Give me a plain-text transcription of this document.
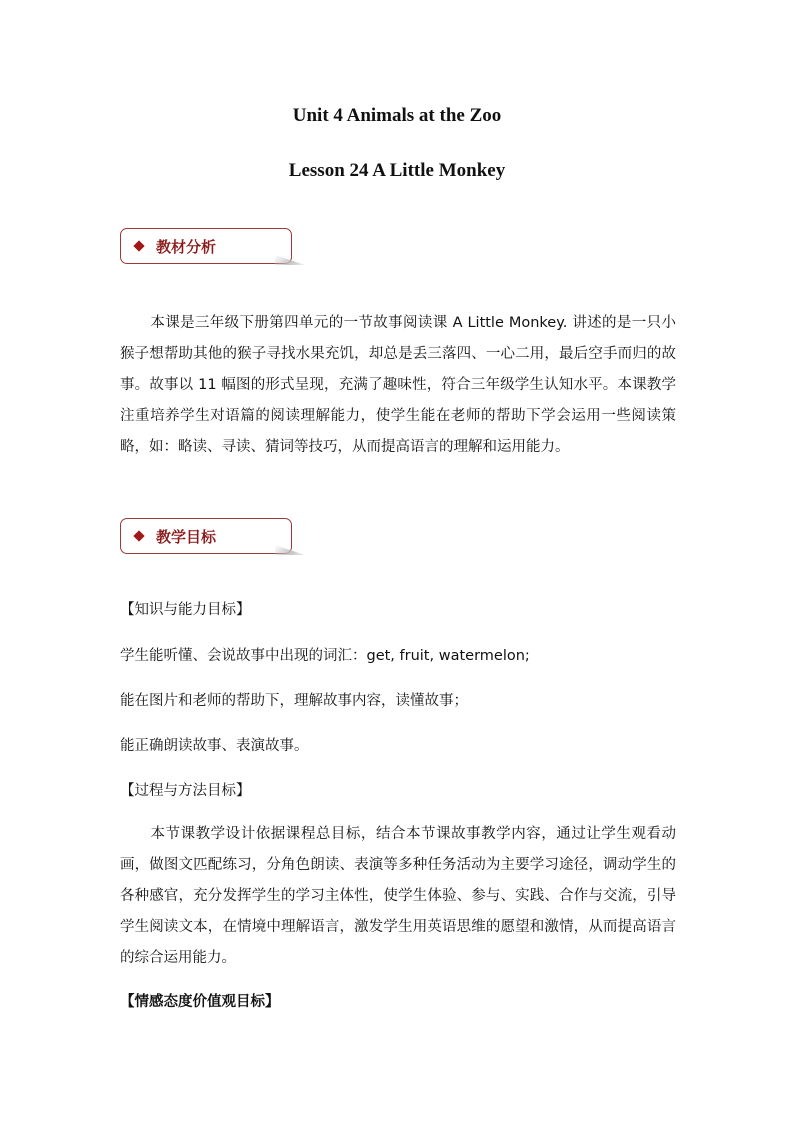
Unit 4 Animals at the Zoo
Lesson 24 A Little Monkey
教材分析
本课是三年级下册第四单元的一节故事阅读课 A Little Monkey. 讲述的是一只小猴子想帮助其他的猴子寻找水果充饥，却总是丢三落四、一心二用，最后空手而归的故事。故事以 11 幅图的形式呈现，充满了趣味性，符合三年级学生认知水平。本课教学注重培养学生对语篇的阅读理解能力，使学生能在老师的帮助下学会运用一些阅读策略，如：略读、寻读、猜词等技巧，从而提高语言的理解和运用能力。
教学目标
【知识与能力目标】
学生能听懂、会说故事中出现的词汇：get, fruit, watermelon;
能在图片和老师的帮助下，理解故事内容，读懂故事；
能正确朗读故事、表演故事。
【过程与方法目标】
本节课教学设计依据课程总目标，结合本节课故事教学内容，通过让学生观看动画，做图文匹配练习，分角色朗读、表演等多种任务活动为主要学习途径，调动学生的各种感官，充分发挥学生的学习主体性，使学生体验、参与、实践、合作与交流，引导学生阅读文本，在情境中理解语言，激发学生用英语思维的愿望和激情，从而提高语言的综合运用能力。
【情感态度价值观目标】
